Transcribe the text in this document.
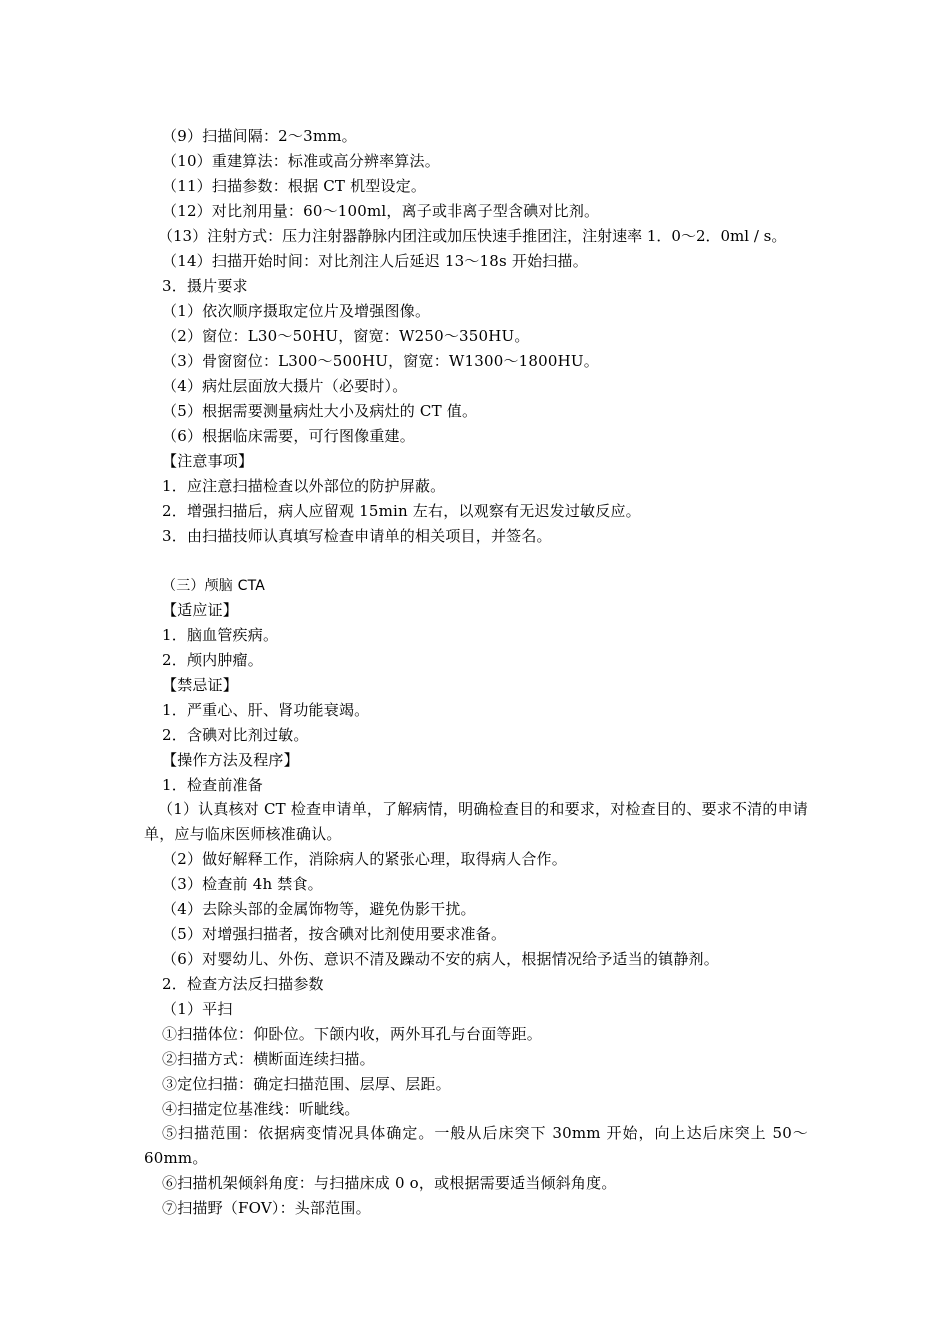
（9）扫描间隔：2～3mm。
（10）重建算法：标准或高分辨率算法。
（11）扫描参数：根据 CT 机型设定。
（12）对比剂用量：60～100ml，离子或非离子型含碘对比剂。
（13）注射方式：压力注射器静脉内团注或加压快速手推团注，注射速率 1．0～2．0ml / s。
（14）扫描开始时间：对比剂注人后延迟 13～18s 开始扫描。
3．摄片要求
（1）依次顺序摄取定位片及增强图像。
（2）窗位：L30～50HU，窗宽：W250～350HU。
（3）骨窗窗位：L300～500HU，窗宽：W1300～1800HU。
（4）病灶层面放大摄片（必要时）。
（5）根据需要测量病灶大小及病灶的 CT 值。
（6）根据临床需要，可行图像重建。
【注意事项】
1．应注意扫描检查以外部位的防护屏蔽。
2．增强扫描后，病人应留观 15min 左右，以观察有无迟发过敏反应。
3．由扫描技师认真填写检查申请单的相关项目，并签名。
（三）颅脑 CTA
【适应证】
1．脑血管疾病。
2．颅内肿瘤。
【禁忌证】
1．严重心、肝、肾功能衰竭。
2．含碘对比剂过敏。
【操作方法及程序】
1．检查前准备
（1）认真核对 CT 检查申请单，了解病情，明确检查目的和要求，对检查目的、要求不清的申请单，应与临床医师核准确认。
（2）做好解释工作，消除病人的紧张心理，取得病人合作。
（3）检查前 4h 禁食。
（4）去除头部的金属饰物等，避免伪影干扰。
（5）对增强扫描者，按含碘对比剂使用要求准备。
（6）对婴幼儿、外伤、意识不清及躁动不安的病人，根据情况给予适当的镇静剂。
2．检查方法反扫描参数
（1）平扫
①扫描体位：仰卧位。下颌内收，两外耳孔与台面等距。
②扫描方式：横断面连续扫描。
③定位扫描：确定扫描范围、层厚、层距。
④扫描定位基准线：听眦线。
⑤扫描范围：依据病变情况具体确定。一般从后床突下 30mm 开始，向上达后床突上 50～60mm。
⑥扫描机架倾斜角度：与扫描床成 0 o，或根据需要适当倾斜角度。
⑦扫描野（FOV）：头部范围。
